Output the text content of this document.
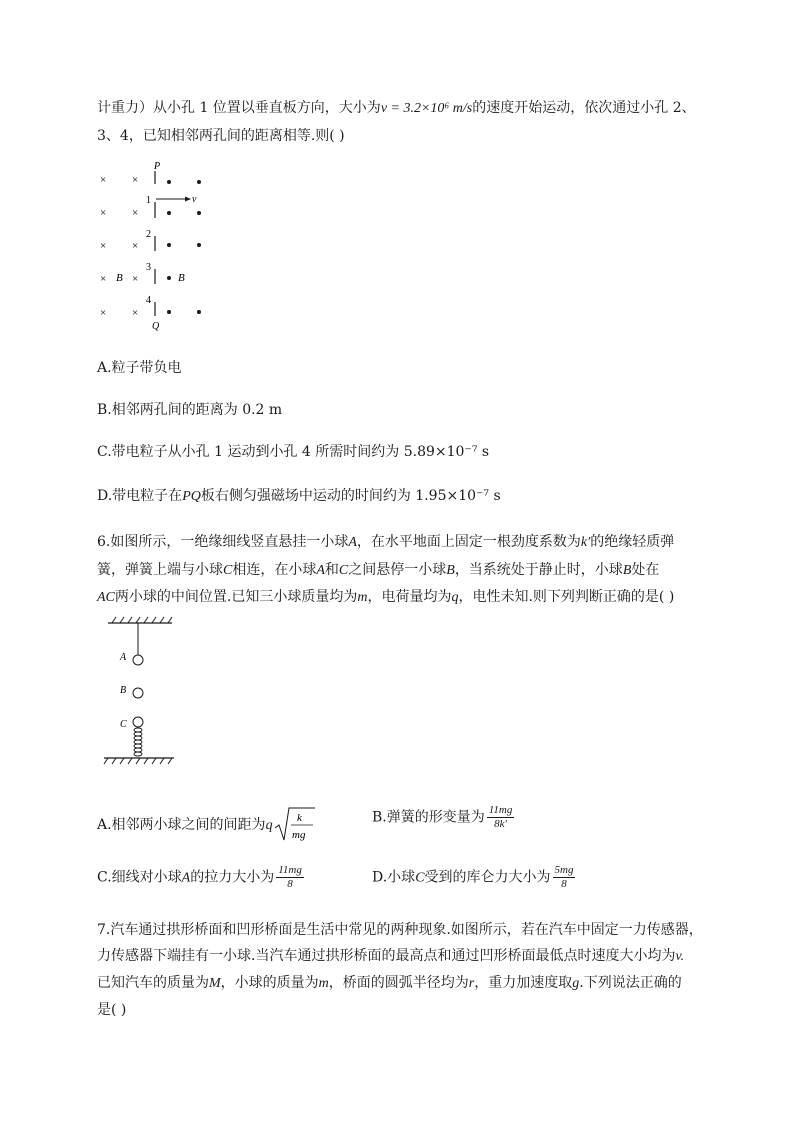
计重力）从小孔 1 位置以垂直板方向，大小为v = 3.2×10⁶ m/s的速度开始运动，依次通过小孔 2、
3、4，已知相邻两孔间的距离相等.则( )
× ×
× ×
× ×
× ×
× ×
B
P
Q
1
2
3
4
v
B
A.粒子带负电
B.相邻两孔间的距离为 0.2 m
C.带电粒子从小孔 1 运动到小孔 4 所需时间约为 5.89×10⁻⁷ s
D.带电粒子在PQ板右侧匀强磁场中运动的时间约为 1.95×10⁻⁷ s
6.如图所示，一绝缘细线竖直悬挂一小球A，在水平地面上固定一根劲度系数为k′的绝缘轻质弹
簧，弹簧上端与小球C相连，在小球A和C之间悬停一小球B，当系统处于静止时，小球B处在
AC两小球的中间位置.已知三小球质量均为m，电荷量均为q，电性未知.则下列判断正确的是( )
A
B
C
A.相邻两小球之间的间距为q k
mg
B.弹簧的形变量为 $\frac{11mg}{8k'}$
C.细线对小球A的拉力大小为 $\frac{11mg}{8}$	D.小球C受到的库仑力大小为 $\frac{5mg}{8}$
7.汽车通过拱形桥面和凹形桥面是生活中常见的两种现象.如图所示，若在汽车中固定一力传感器，
力传感器下端挂有一小球.当汽车通过拱形桥面的最高点和通过凹形桥面最低点时速度大小均为v.
已知汽车的质量为M，小球的质量为m，桥面的圆弧半径均为r，重力加速度取g.下列说法正确的
是( )
